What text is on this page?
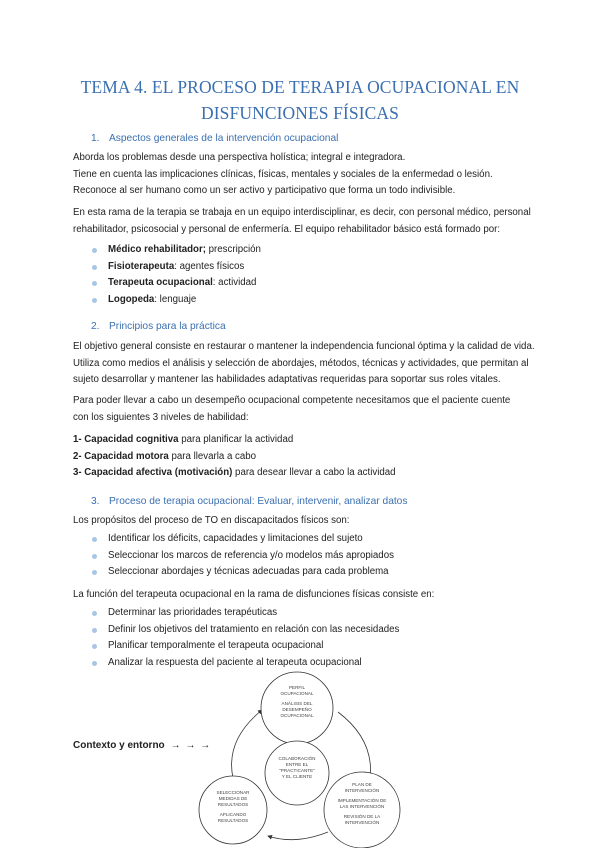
TEMA 4. EL PROCESO DE TERAPIA OCUPACIONAL EN
DISFUNCIONES FÍSICAS
1. Aspectos generales de la intervención ocupacional
Aborda los problemas desde una perspectiva holística; integral e integradora.
Tiene en cuenta las implicaciones clínicas, físicas, mentales y sociales de la enfermedad o lesión.
Reconoce al ser humano como un ser activo y participativo que forma un todo indivisible.
En esta rama de la terapia se trabaja en un equipo interdisciplinar, es decir, con personal médico, personal
rehabilitador, psicosocial y personal de enfermería. El equipo rehabilitador básico está formado por:
Médico rehabilitador; prescripción
Fisioterapeuta: agentes físicos
Terapeuta ocupacional: actividad
Logopeda: lenguaje
2. Principios para la práctica
El objetivo general consiste en restaurar o mantener la independencia funcional óptima y la calidad de vida.
Utiliza como medios el análisis y selección de abordajes, métodos, técnicas y actividades, que permitan al
sujeto desarrollar y mantener las habilidades adaptativas requeridas para soportar sus roles vitales.
Para poder llevar a cabo un desempeño ocupacional competente necesitamos que el paciente cuente
con los siguientes 3 niveles de habilidad:
1- Capacidad cognitiva para planificar la actividad
2- Capacidad motora para llevarla a cabo
3- Capacidad afectiva (motivación) para desear llevar a cabo la actividad
3. Proceso de terapia ocupacional: Evaluar, intervenir, analizar datos
Los propósitos del proceso de TO en discapacitados físicos son:
Identificar los déficits, capacidades y limitaciones del sujeto
Seleccionar los marcos de referencia y/o modelos más apropiados
Seleccionar abordajes y técnicas adecuadas para cada problema
La función del terapeuta ocupacional en la rama de disfunciones físicas consiste en:
Determinar las prioridades terapéuticas
Definir los objetivos del tratamiento en relación con las necesidades
Planificar temporalmente el terapeuta ocupacional
Analizar la respuesta del paciente al terapeuta ocupacional
PERFIL
OCUPACIONAL
ANÁLISIS DEL
DESEMPEÑO
OCUPACIONAL
COLABORACIÓN
ENTRE EL
"PRACTICANTE"
Y EL CLIENTE
PLAN DE
INTERVENCIÓN
IMPLEMENTACIÓN DE
LAS INTERVENCIÓN
REVISIÓN DE LA
INTERVENCIÓN
SELECCIONAR
MEDIDAS DE
RESULTADOS
APLICANDO
RESULTADOS
Contexto y entorno → → →
